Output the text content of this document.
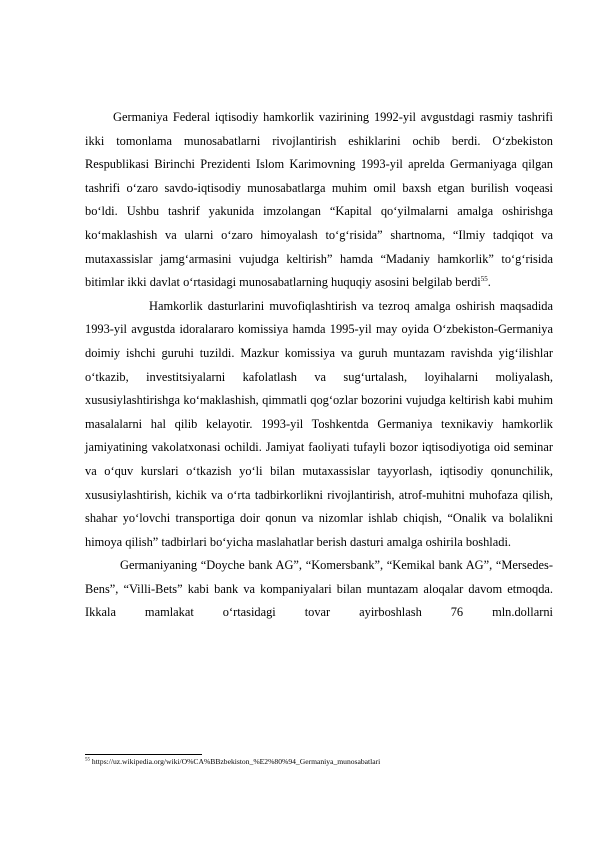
Germaniya Federal iqtisodiy hamkorlik vazirining 1992-yil avgustdagi rasmiy tashrifi ikki tomonlama munosabatlarni rivojlantirish eshiklarini ochib berdi. O‘zbekiston Respublikasi Birinchi Prezidenti Islom Karimovning 1993-yil aprelda Germaniyaga qilgan tashrifi o‘zaro savdo-iqtisodiy munosabatlarga muhim omil baxsh etgan burilish voqeasi bo‘ldi. Ushbu tashrif yakunida imzolangan “Kapital qo‘yilmalarni amalga oshirishga ko‘maklashish va ularni o‘zaro himoyalash to‘g‘risida” shartnoma, “Ilmiy tadqiqot va mutaxassislar jamg‘armasini vujudga keltirish” hamda “Madaniy hamkorlik” to‘g‘risida bitimlar ikki davlat o‘rtasidagi munosabatlarning huquqiy asosini belgilab berdi$^{55}$.

Hamkorlik dasturlarini muvofiqlashtirish va tezroq amalga oshirish maqsadida 1993-yil avgustda idoralararo komissiya hamda 1995-yil may oyida O‘zbekiston-Germaniya doimiy ishchi guruhi tuzildi. Mazkur komissiya va guruh muntazam ravishda yig‘ilishlar o‘tkazib, investitsiyalarni kafolatlash va sug‘urtalash, loyihalarni moliyalash, xususiylashtirishga ko‘maklashish, qimmatli qog‘ozlar bozorini vujudga keltirish kabi muhim masalalarni hal qilib kelayotir. 1993-yil Toshkentda Germaniya texnikaviy hamkorlik jamiyatining vakolatxonasi ochildi. Jamiyat faoliyati tufayli bozor iqtisodiyotiga oid seminar va o‘quv kurslari o‘tkazish yo‘li bilan mutaxassislar tayyorlash, iqtisodiy qonunchilik, xususiylashtirish, kichik va o‘rta tadbirkorlikni rivojlantirish, atrof-muhitni muhofaza qilish, shahar yo‘lovchi transportiga doir qonun va nizomlar ishlab chiqish, “Onalik va bolalikni himoya qilish” tadbirlari bo‘yicha maslahatlar berish dasturi amalga oshirila boshladi.

Germaniyaning “Doyche bank AG”, “Komersbank”, “Kemikal bank AG”, “Mersedes-Bens”, “Villi-Bets” kabi bank va kompaniyalari bilan muntazam aloqalar davom etmoqda. Ikkala mamlakat o‘rtasidagi tovar ayirboshlash 76 mln.dollarni

$^{55}$ https://uz.wikipedia.org/wiki/O%CA%BBzbekiston_%E2%80%94_Germaniya_munosabatlari
